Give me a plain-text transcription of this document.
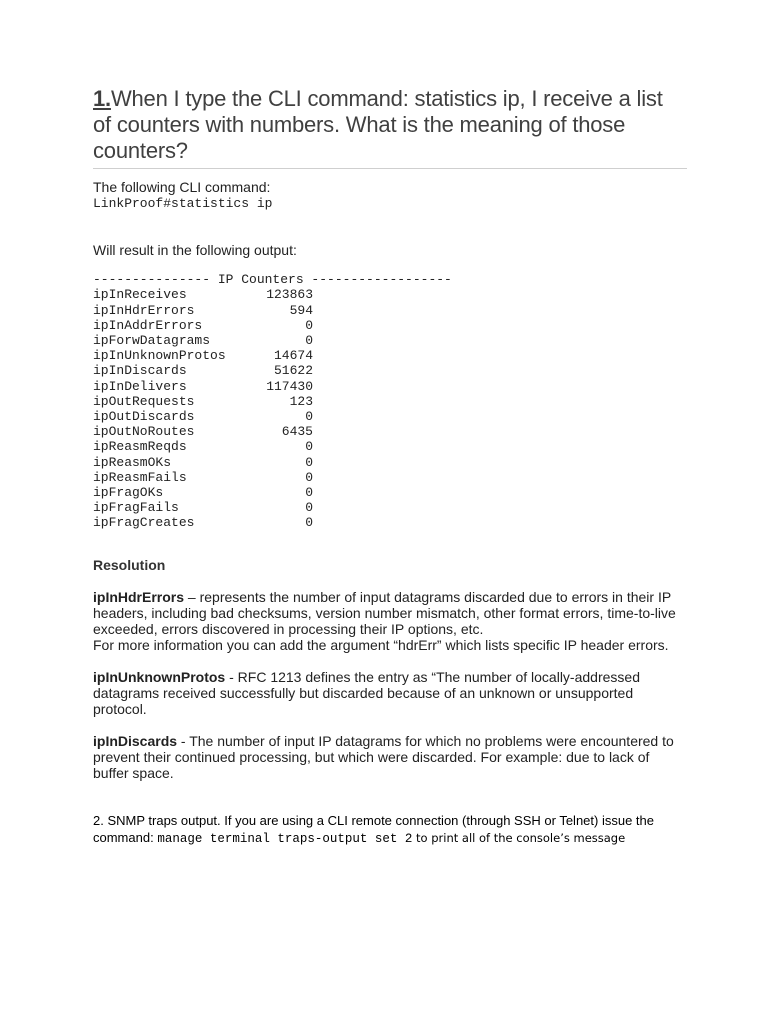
1.When I type the CLI command: statistics ip, I receive a list of counters with numbers. What is the meaning of those counters?

The following CLI command:

LinkProof#statistics ip

Will result in the following output:

--------------- IP Counters ------------------
ipInReceives	123863
ipInHdrErrors	594
ipInAddrErrors	0
ipForwDatagrams	0
ipInUnknownProtos	14674
ipInDiscards	51622
ipInDelivers	117430
ipOutRequests	123
ipOutDiscards	0
ipOutNoRoutes	6435
ipReasmReqds	0
ipReasmOKs	0
ipReasmFails	0
ipFragOKs	0
ipFragFails	0
ipFragCreates	0
Resolution

ipInHdrErrors – represents the number of input datagrams discarded due to errors in their IP headers, including bad checksums, version number mismatch, other format errors, time-to-live exceeded, errors discovered in processing their IP options, etc.
For more information you can add the argument “hdrErr” which lists specific IP header errors.

ipInUnknownProtos - RFC 1213 defines the entry as “The number of locally-addressed datagrams received successfully but discarded because of an unknown or unsupported protocol.

ipInDiscards - The number of input IP datagrams for which no problems were encountered to prevent their continued processing, but which were discarded. For example: due to lack of buffer space.

2. SNMP traps output. If you are using a CLI remote connection (through SSH or Telnet) issue the command: manage terminal traps-output set 2 to print all of the console’s message
